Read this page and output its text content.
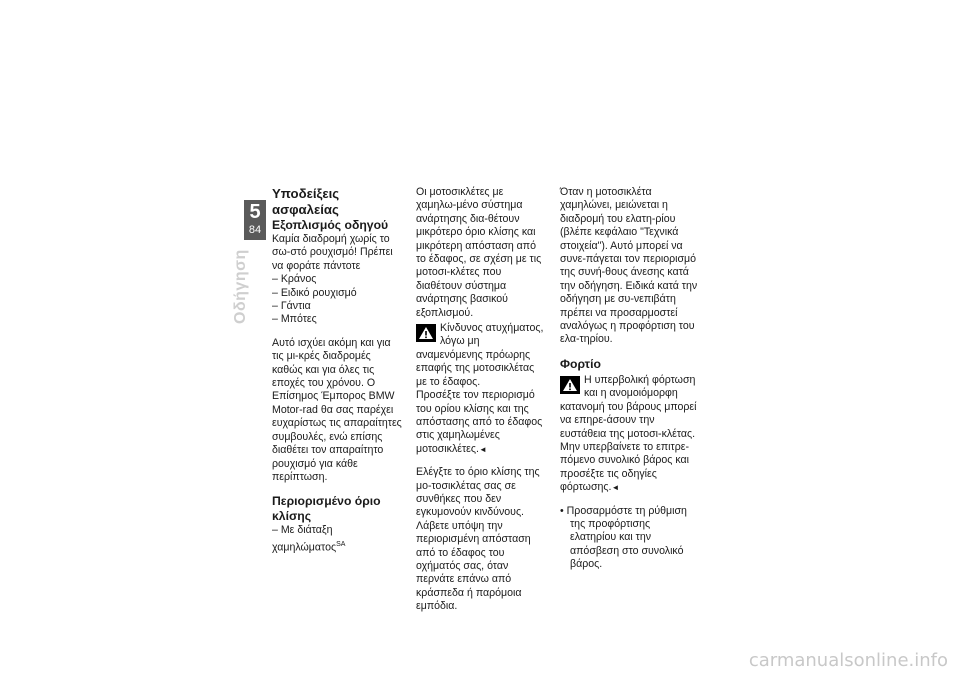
5
84
Οδήγηση
Υποδείξεις ασφαλείας
Εξοπλισμός οδηγού

Καμία διαδρομή χωρίς το σω-στό ρουχισμό! Πρέπει να φοράτε πάντοτε

– Κράνος
– Ειδικό ρουχισμό
– Γάντια
– Μπότες

Αυτό ισχύει ακόμη και για τις μι-κρές διαδρομές καθώς και για όλες τις εποχές του χρόνου. Ο Επίσημος Έμπορος BMW Motor-rad θα σας παρέχει ευχαρίστως τις απαραίτητες συμβουλές, ενώ επίσης διαθέτει τον απαραίτητο ρουχισμό για κάθε περίπτωση.

Περιορισμένο όριο κλίσης

– Με διάταξη χαμηλώματος$^{SA}$

Οι μοτοσικλέτες με χαμηλω-μένο σύστημα ανάρτησης δια-θέτουν μικρότερο όριο κλίσης και μικρότερη απόσταση από το έδαφος, σε σχέση με τις μοτοσι-κλέτες που διαθέτουν σύστημα ανάρτησης βασικού εξοπλισμού.

Κίνδυνος ατυχήματος, λόγω μη αναμενόμενης πρόωρης επαφής της μοτοσικλέτας με το έδαφος.

Προσέξτε τον περιορισμό του ορίου κλίσης και της απόστασης από το έδαφος στις χαμηλωμένες μοτοσικλέτες.◄

Ελέγξτε το όριο κλίσης της μο-τοσικλέτας σας σε συνθήκες που δεν εγκυμονούν κινδύνους. Λάβετε υπόψη την περιορισμένη απόσταση από το έδαφος του οχήματός σας, όταν περνάτε επάνω από κράσπεδα ή παρόμοια εμπόδια.

Όταν η μοτοσικλέτα χαμηλώνει, μειώνεται η διαδρομή του ελατη-ρίου (βλέπε κεφάλαιο "Τεχνικά στοιχεία"). Αυτό μπορεί να συνε-πάγεται τον περιορισμό της συνή-θους άνεσης κατά την οδήγηση. Ειδικά κατά την οδήγηση με συ-νεπιβάτη πρέπει να προσαρμοστεί αναλόγως η προφόρτιση του ελα-τηρίου.

Φορτίο

Η υπερβολική φόρτωση και η ανομοιόμορφη κατανομή του βάρους μπορεί να επηρε-άσουν την ευστάθεια της μοτοσι-κλέτας.

Μην υπερβαίνετε το επιτρε-πόμενο συνολικό βάρος και προσέξτε τις οδηγίες φόρτωσης.◄

• Προσαρμόστε τη ρύθμιση της προφόρτισης ελατηρίου και την απόσβεση στο συνολικό βάρος.
carmanualsonline.info
